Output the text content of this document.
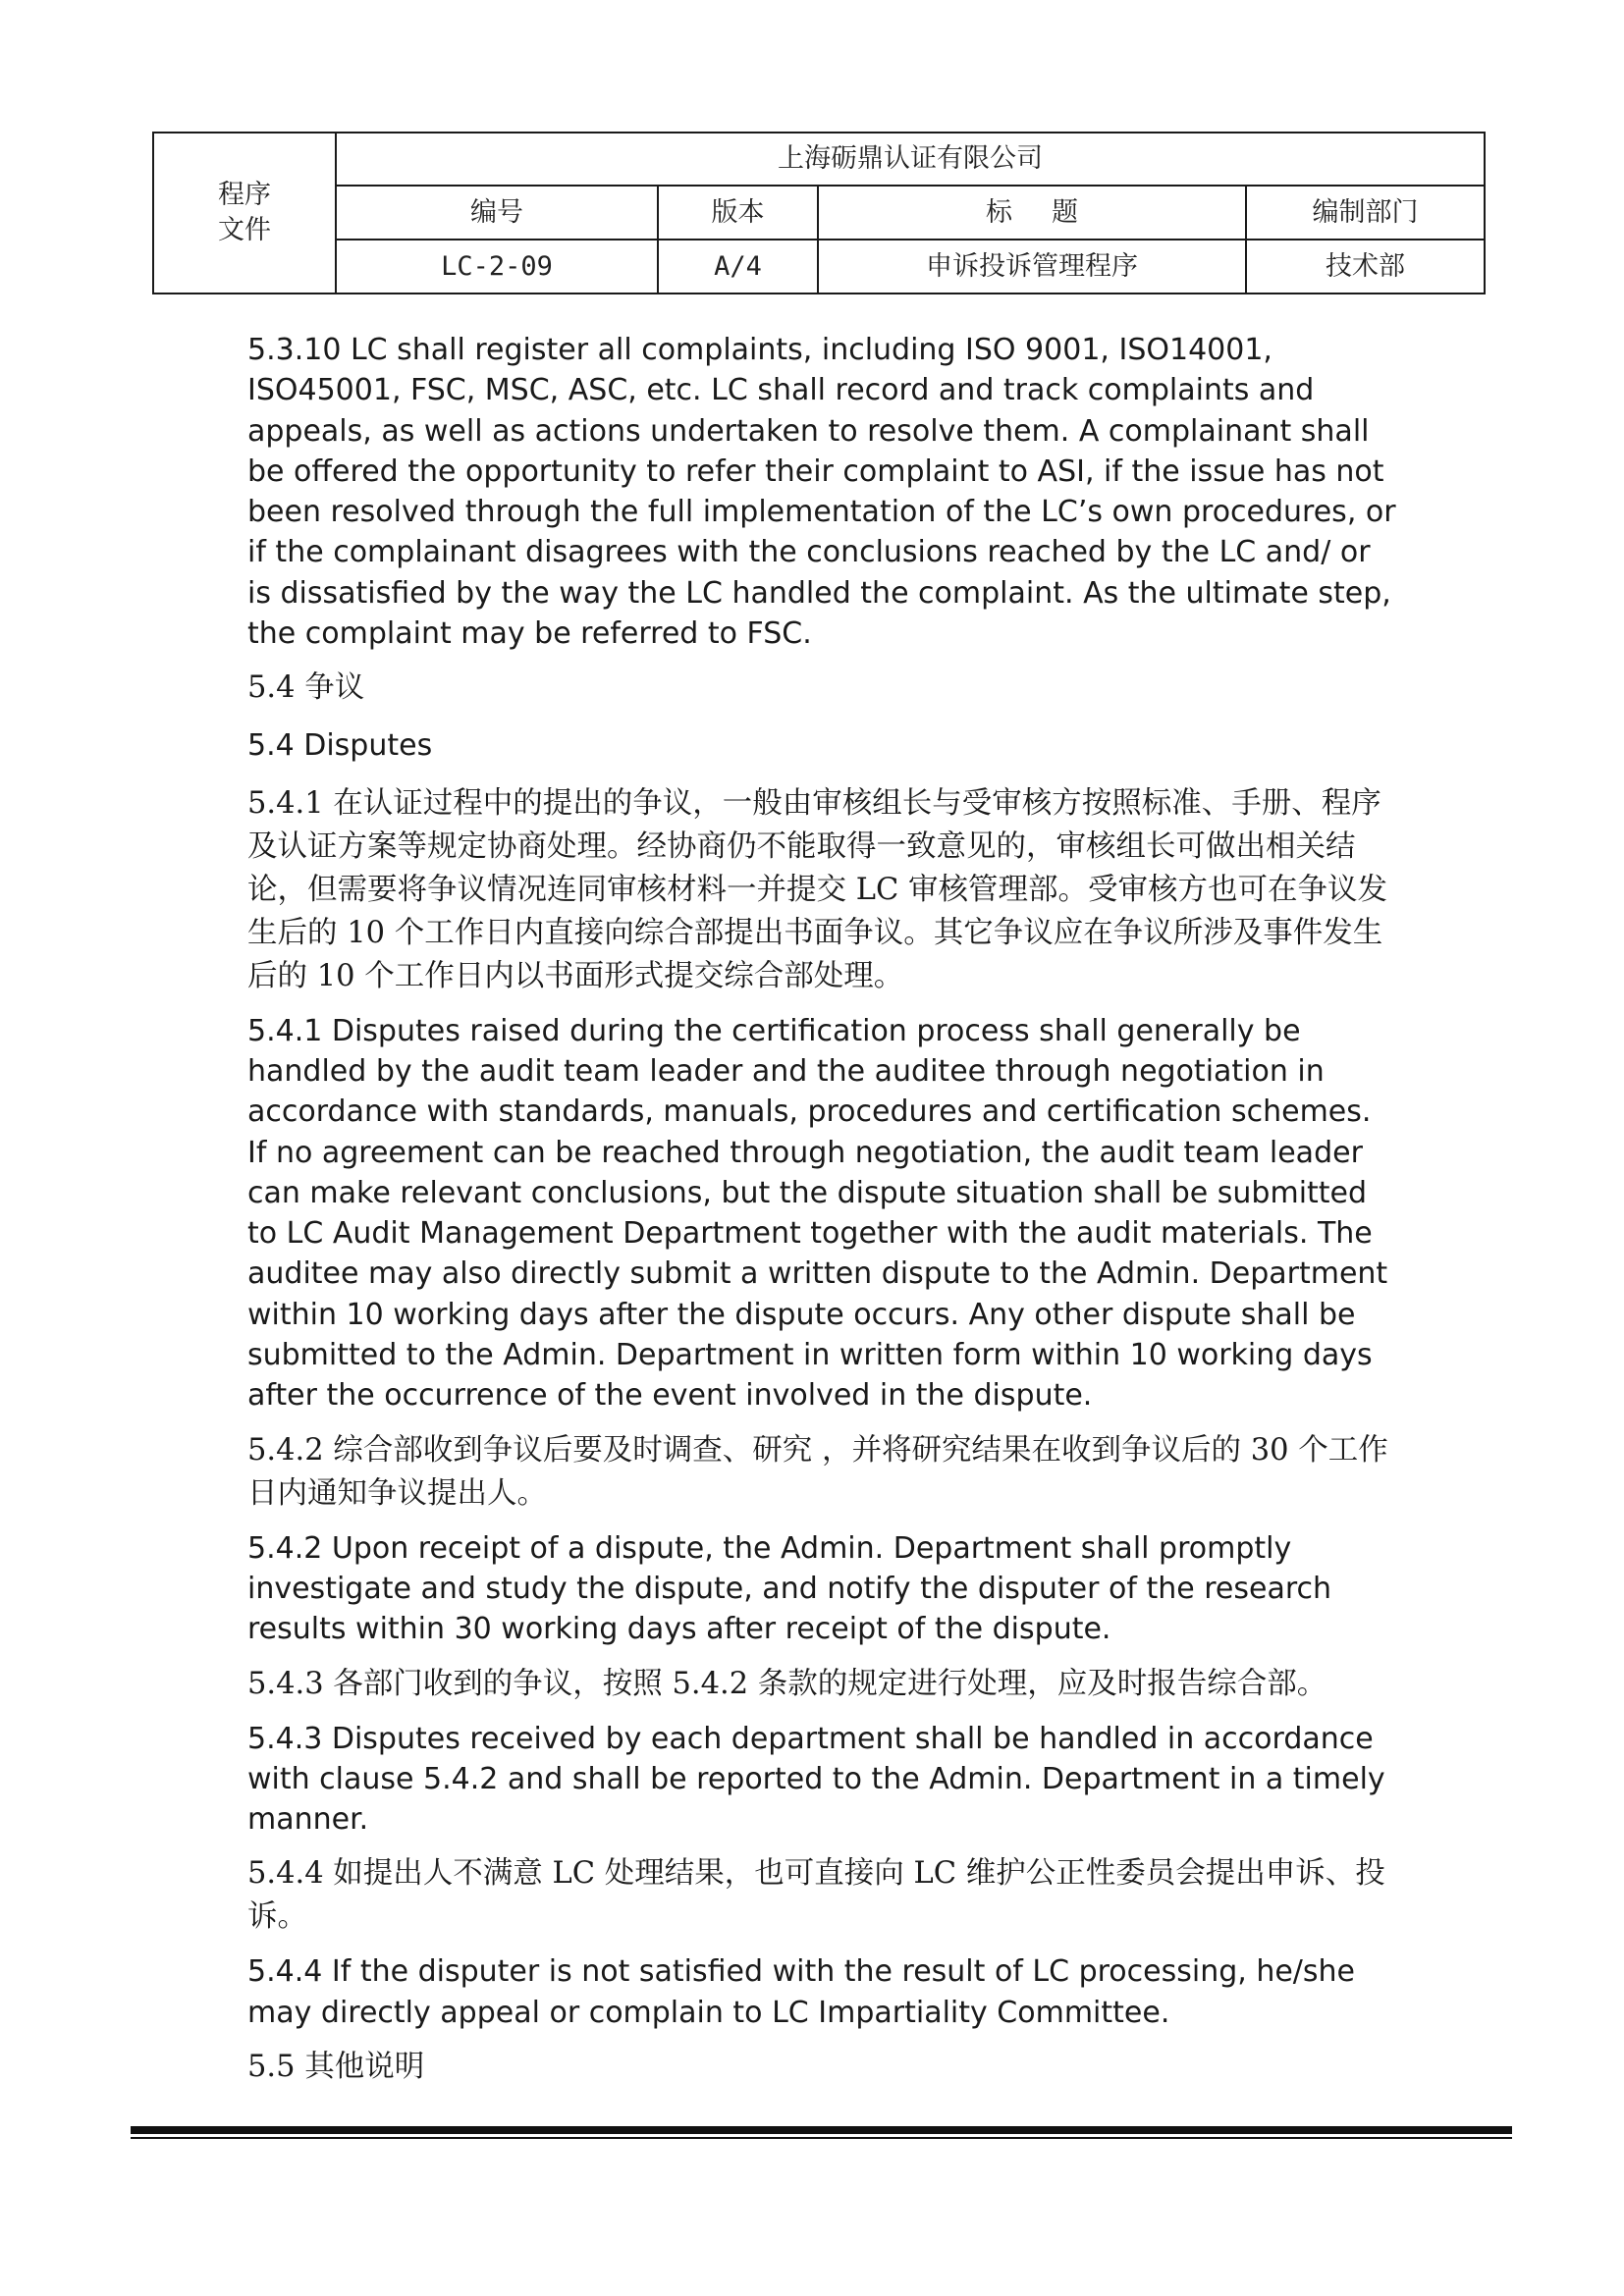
程序文件	上海砺鼎认证有限公司			
	编号	版本	标题	编制部门
	LC-2-09	A/4	申诉投诉管理程序	技术部

5.3.10 LC shall register all complaints, including ISO 9001, ISO14001, ISO45001, FSC, MSC, ASC, etc. LC shall record and track complaints and appeals, as well as actions undertaken to resolve them. A complainant shall be offered the opportunity to refer their complaint to ASI, if the issue has not been resolved through the full implementation of the LC’s own procedures, or if the complainant disagrees with the conclusions reached by the LC and/ or is dissatisfied by the way the LC handled the complaint. As the ultimate step, the complaint may be referred to FSC.

5.4 争议

5.4 Disputes

5.4.1 在认证过程中的提出的争议，一般由审核组长与受审核方按照标准、手册、程序及认证方案等规定协商处理。经协商仍不能取得一致意见的，审核组长可做出相关结论，但需要将争议情况连同审核材料一并提交 LC 审核管理部。受审核方也可在争议发生后的 10 个工作日内直接向综合部提出书面争议。其它争议应在争议所涉及事件发生后的 10 个工作日内以书面形式提交综合部处理。

5.4.1 Disputes raised during the certification process shall generally be handled by the audit team leader and the auditee through negotiation in accordance with standards, manuals, procedures and certification schemes. If no agreement can be reached through negotiation, the audit team leader can make relevant conclusions, but the dispute situation shall be submitted to LC Audit Management Department together with the audit materials. The auditee may also directly submit a written dispute to the Admin. Department within 10 working days after the dispute occurs. Any other dispute shall be submitted to the Admin. Department in written form within 10 working days after the occurrence of the event involved in the dispute.

5.4.2 综合部收到争议后要及时调查、研究 ，并将研究结果在收到争议后的 30 个工作日内通知争议提出人。

5.4.2 Upon receipt of a dispute, the Admin. Department shall promptly investigate and study the dispute, and notify the disputer of the research results within 30 working days after receipt of the dispute.

5.4.3 各部门收到的争议，按照 5.4.2 条款的规定进行处理，应及时报告综合部。

5.4.3 Disputes received by each department shall be handled in accordance with clause 5.4.2 and shall be reported to the Admin. Department in a timely manner.

5.4.4 如提出人不满意 LC 处理结果，也可直接向 LC 维护公正性委员会提出申诉、投诉。

5.4.4 If the disputer is not satisfied with the result of LC processing, he/she may directly appeal or complain to LC Impartiality Committee.

5.5 其他说明
